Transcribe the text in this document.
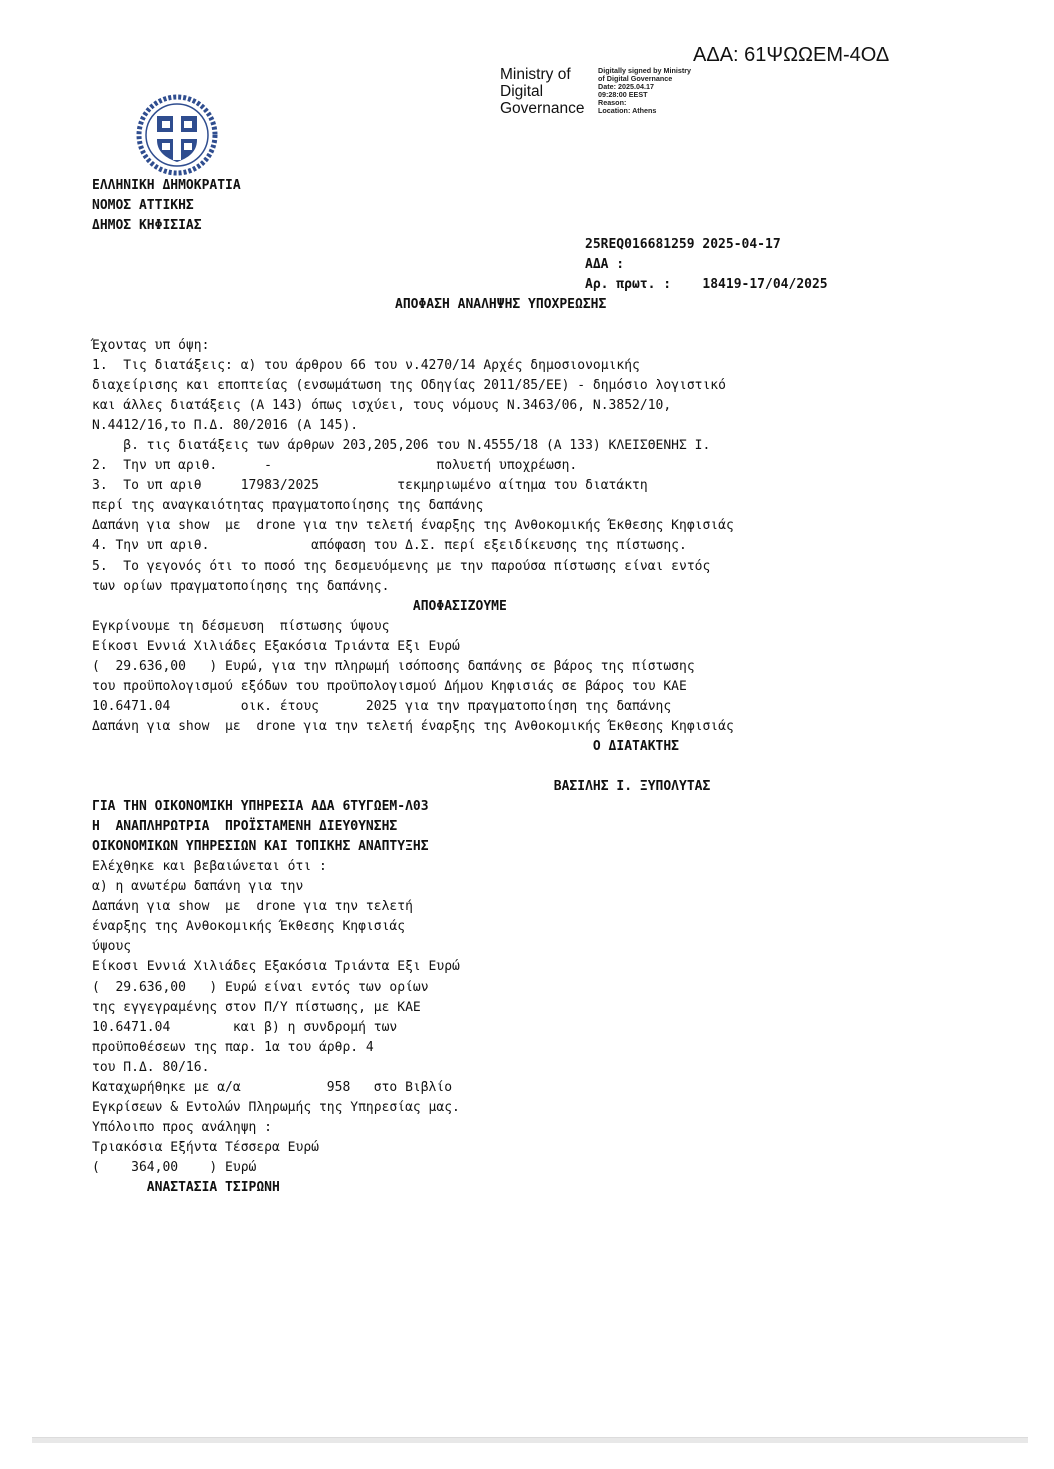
ΑΔΑ: 61ΨΩΩΕΜ-4ΟΔ
Ministry of
Digital
Governance
Digitally signed by Ministry
of Digital Governance
Date: 2025.04.17
09:28:00 EEST
Reason:
Location: Athens
ΕΛΛΗΝΙΚΗ ΔΗΜΟΚΡΑΤΙΑ
ΝΟΜΟΣ ΑΤΤΙΚΗΣ
ΔΗΜΟΣ ΚΗΦΙΣΙΑΣ
25REQ016681259 2025-04-17
ΑΔΑ :
Αρ. πρωτ. :    18419-17/04/2025
ΑΠΟΦΑΣΗ ΑΝΑΛΗΨΗΣ ΥΠΟΧΡΕΩΣΗΣ
Έχοντας υπ όψη:
1.  Τις διατάξεις: α) του άρθρου 66 του ν.4270/14 Αρχές δημοσιονομικής
διαχείρισης και εποπτείας (ενσωμάτωση της Οδηγίας 2011/85/ΕΕ) - δημόσιο λογιστικό
και άλλες διατάξεις (Α 143) όπως ισχύει, τους νόμους Ν.3463/06, Ν.3852/10,
Ν.4412/16,το Π.Δ. 80/2016 (Α 145).
β. τις διατάξεις των άρθρων 203,205,206 του Ν.4555/18 (Α 133) ΚΛΕΙΣΘΕΝΗΣ Ι.
2.  Την υπ αριθ.      -                     πολυετή υποχρέωση.
3.  Το υπ αριθ     17983/2025          τεκμηριωμένο αίτημα του διατάκτη
περί της αναγκαιότητας πραγματοποίησης της δαπάνης
Δαπάνη για show  με  drone για την τελετή έναρξης της Ανθοκομικής Έκθεσης Κηφισιάς
4. Την υπ αριθ.             απόφαση του Δ.Σ. περί εξειδίκευσης της πίστωσης.
5.  Το γεγονός ότι το ποσό της δεσμευόμενης με την παρούσα πίστωσης είναι εντός
των ορίων πραγματοποίησης της δαπάνης.
ΑΠΟΦΑΣΙΖΟΥΜΕ
Εγκρίνουμε τη δέσμευση  πίστωσης ύψους
Είκοσι Εννιά Χιλιάδες Εξακόσια Τριάντα Εξι Ευρώ
(  29.636,00   ) Ευρώ, για την πληρωμή ισόποσης δαπάνης σε βάρος της πίστωσης
του προϋπολογισμού εξόδων του προϋπολογισμού Δήμου Κηφισιάς σε βάρος του ΚΑΕ
10.6471.04         οικ. έτους      2025 για την πραγματοποίηση της δαπάνης
Δαπάνη για show  με  drone για την τελετή έναρξης της Ανθοκομικής Έκθεσης Κηφισιάς
Ο ΔΙΑΤΑΚΤΗΣ
ΒΑΣΙΛΗΣ Ι. ΞΥΠΟΛΥΤΑΣ
ΓΙΑ ΤΗΝ ΟΙΚΟΝΟΜΙΚΗ ΥΠΗΡΕΣΙΑ ΑΔΑ 6ΤΥΓΩΕΜ-Λ03
Η  ΑΝΑΠΛΗΡΩΤΡΙΑ  ΠΡΟΪΣΤΑΜΕΝΗ ΔΙΕΥΘΥΝΣΗΣ
ΟΙΚΟΝΟΜΙΚΩΝ ΥΠΗΡΕΣΙΩΝ ΚΑΙ ΤΟΠΙΚΗΣ ΑΝΑΠΤΥΞΗΣ
Ελέχθηκε και βεβαιώνεται ότι :
α) η ανωτέρω δαπάνη για την
Δαπάνη για show  με  drone για την τελετή
έναρξης της Ανθοκομικής Έκθεσης Κηφισιάς
ύψους
Είκοσι Εννιά Χιλιάδες Εξακόσια Τριάντα Εξι Ευρώ
(  29.636,00   ) Ευρώ είναι εντός των ορίων
της εγγεγραμένης στον Π/Υ πίστωσης, με ΚΑΕ
10.6471.04        και β) η συνδρομή των
προϋποθέσεων της παρ. 1α του άρθρ. 4
του Π.Δ. 80/16.
Καταχωρήθηκε με α/α           958   στο Βιβλίο
Εγκρίσεων & Εντολών Πληρωμής της Υπηρεσίας μας.
Υπόλοιπο προς ανάληψη :
Τριακόσια Εξήντα Τέσσερα Ευρώ
(    364,00    ) Ευρώ
ΑΝΑΣΤΑΣΙΑ ΤΣΙΡΩΝΗ
